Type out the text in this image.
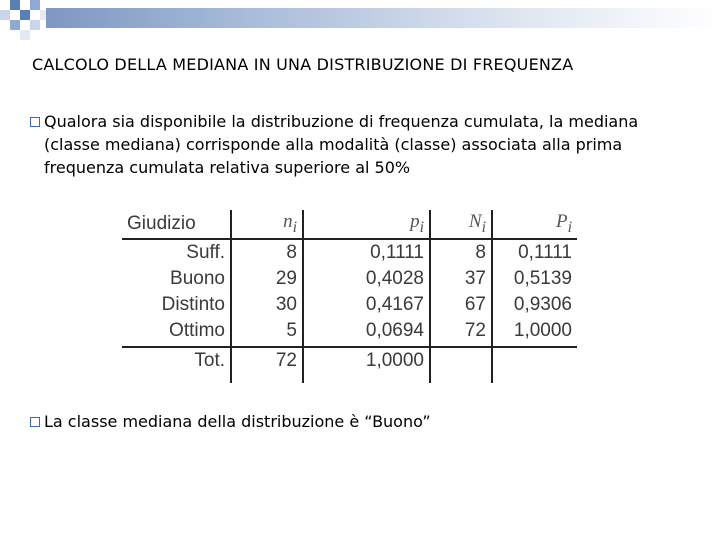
CALCOLO DELLA MEDIANA IN UNA DISTRIBUZIONE DI FREQUENZA
Qualora sia disponibile la distribuzione di frequenza cumulata, la mediana (classe mediana) corrisponde alla modalità (classe) associata alla prima frequenza cumulata relativa superiore al 50%
Giudizio	$n_i$	$p_i$	$N_i$	$P_i$
Suff.	8	0,1111	8	0,1111
Buono	29	0,4028	37	0,5139
Distinto	30	0,4167	67	0,9306
Ottimo	5	0,0694	72	1,0000
Tot.	72	1,0000		
La classe mediana della distribuzione è “Buono”
